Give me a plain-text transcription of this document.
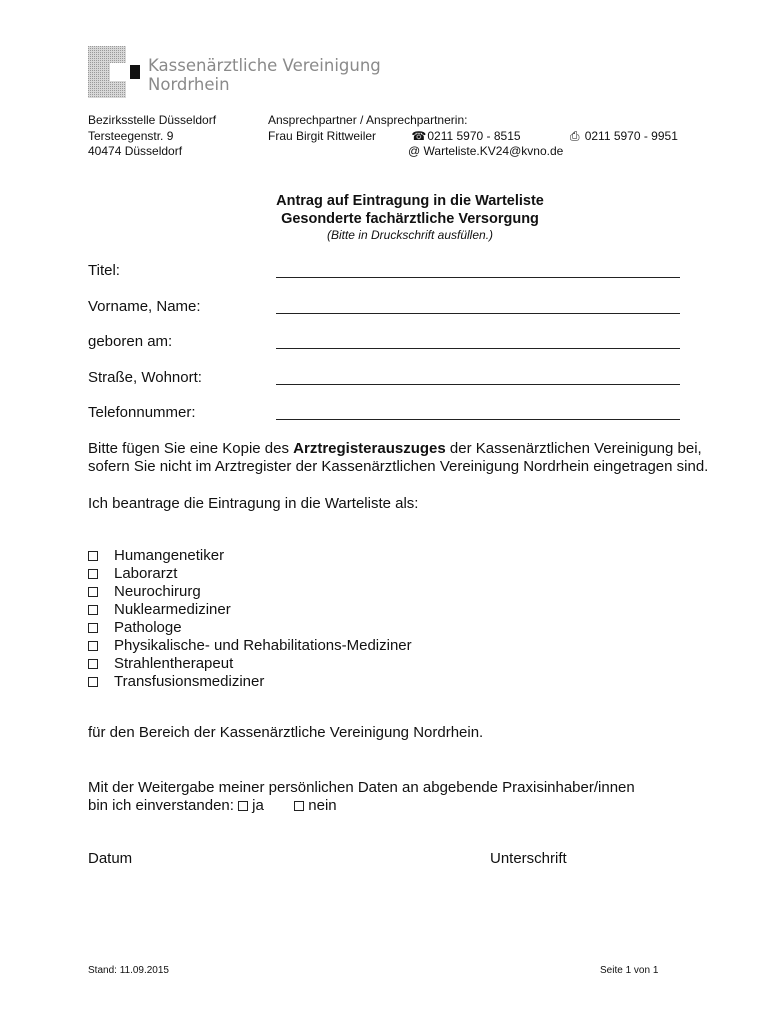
Kassenärztliche Vereinigung
Nordrhein
Bezirksstelle Düsseldorf
Tersteegenstr. 9
40474 Düsseldorf
Ansprechpartner / Ansprechpartnerin:
Frau Birgit Rittweiler	☎0211 5970 - 8515	⎙ 0211 5970 - 9951
@ Warteliste.KV24@kvno.de
Antrag auf Eintragung in die Warteliste
Gesonderte fachärztliche Versorgung
(Bitte in Druckschrift ausfüllen.)
Titel:
Vorname, Name:
geboren am:
Straße, Wohnort:
Telefonnummer:
Bitte fügen Sie eine Kopie des Arztregisterauszuges der Kassenärztlichen Vereinigung bei,
sofern Sie nicht im Arztregister der Kassenärztlichen Vereinigung Nordrhein eingetragen sind.
Ich beantrage die Eintragung in die Warteliste als:
Humangenetiker
Laborarzt
Neurochirurg
Nuklearmediziner
Pathologe
Physikalische- und Rehabilitations-Mediziner
Strahlentherapeut
Transfusionsmediziner
für den Bereich der Kassenärztliche Vereinigung Nordrhein.
Mit der Weitergabe meiner persönlichen Daten an abgebende Praxisinhaber/innen
bin ich einverstanden: ja	nein
Datum	Unterschrift
Stand: 11.09.2015	Seite 1 von 1
